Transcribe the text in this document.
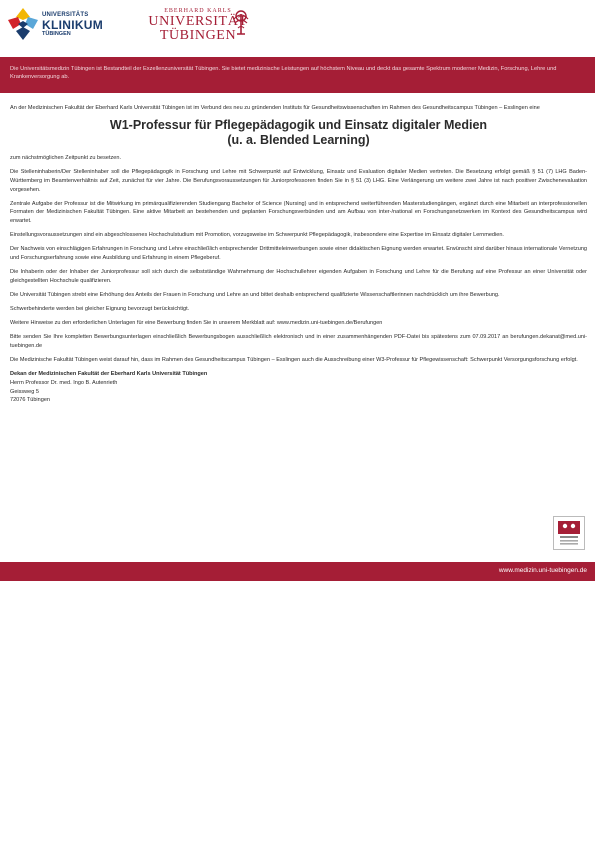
UNIVERSITÄTS
KLINIKUM
TÜBINGEN
EBERHARD KARLS
UNIVERSITÄT
TÜBINGEN

Die Universitätsmedizin Tübingen ist Bestandteil der Exzellenzuniversität Tübingen. Sie bietet medizinische Leistungen auf höchstem Niveau und deckt das gesamte Spektrum moderner Medizin, Forschung, Lehre und Krankenversorgung ab.

An der Medizinischen Fakultät der Eberhard Karls Universität Tübingen ist im Verbund des neu zu gründenden Instituts für Gesundheitswissenschaften im Rahmen des Gesundheitscampus Tübingen – Esslingen eine

W1-Professur für Pflegepädagogik und Einsatz digitaler Medien
(u. a. Blended Learning)

zum nächstmöglichen Zeitpunkt zu besetzen.

Die Stelleninhaberin/Der Stelleninhaber soll die Pflegepädagogik in Forschung und Lehre mit Schwerpunkt auf Entwicklung, Einsatz und Evaluation digitaler Medien vertreten. Die Besetzung erfolgt gemäß § 51 (7) LHG Baden-Württemberg im Beamtenverhältnis auf Zeit, zunächst für vier Jahre. Die Berufungsvoraussetzungen für Juniorprofessoren finden Sie in § 51 (3) LHG. Eine Verlängerung um weitere zwei Jahre ist nach positiver Zwischenevaluation vorgesehen.

Zentrale Aufgabe der Professur ist die Mitwirkung im primärqualifizierenden Studiengang Bachelor of Science (Nursing) und in entsprechend weiterführenden Masterstudiengängen, ergänzt durch eine Mitarbeit an interprofessionellen Formaten der Medizinischen Fakultät Tübingen. Eine aktive Mitarbeit an bestehenden und geplanten Forschungsverbünden und am Aufbau von inter-/national en Forschungsnetzwerken im Kontext des Gesundheitscampus wird erwartet.

Einstellungsvoraussetzungen sind ein abgeschlossenes Hochschulstudium mit Promotion, vorzugsweise im Schwerpunkt Pflegepädagogik, insbesondere eine Expertise im Einsatz digitaler Lernmedien.

Der Nachweis von einschlägigen Erfahrungen in Forschung und Lehre einschließlich entsprechender Drittmitteleinwerbungen sowie einer didaktischen Eignung werden erwartet. Erwünscht sind darüber hinaus internationale Vernetzung und Forschungserfahrung sowie eine Ausbildung und Erfahrung in einem Pflegeberuf.

Die Inhaberin oder der Inhaber der Juniorprofessur soll sich durch die selbstständige Wahrnehmung der Hochschullehrer eigenden Aufgaben in Forschung und Lehre für die Berufung auf eine Professur an einer Universität oder gleichgestellten Hochschule qualifizieren.

Die Universität Tübingen strebt eine Erhöhung des Anteils der Frauen in Forschung und Lehre an und bittet deshalb entsprechend qualifizierte Wissenschaftlerinnen nachdrücklich um ihre Bewerbung.

Schwerbehinderte werden bei gleicher Eignung bevorzugt berücksichtigt.

Weitere Hinweise zu den erforderlichen Unterlagen für eine Bewerbung finden Sie in unserem Merkblatt auf: www.medizin.uni-tuebingen.de/Berufungen

Bitte senden Sie Ihre kompletten Bewerbungsunterlagen einschließlich Bewerbungsbogen ausschließlich elektronisch und in einer zusammenhängenden PDF-Datei bis spätestens zum 07.09.2017 an berufungen.dekanat@med.uni-tuebingen.de

Die Medizinische Fakultät Tübingen weist darauf hin, dass im Rahmen des Gesundheitscampus Tübingen – Esslingen auch die Ausschreibung einer W3-Professur für Pflegewissenschaft: Schwerpunkt Versorgungsforschung erfolgt.

Dekan der Medizinischen Fakultät der Eberhard Karls Universität Tübingen
Herrn Professor Dr. med. Ingo B. Autenrieth
Geissweg 5
72076 Tübingen
www.medizin.uni-tuebingen.de
